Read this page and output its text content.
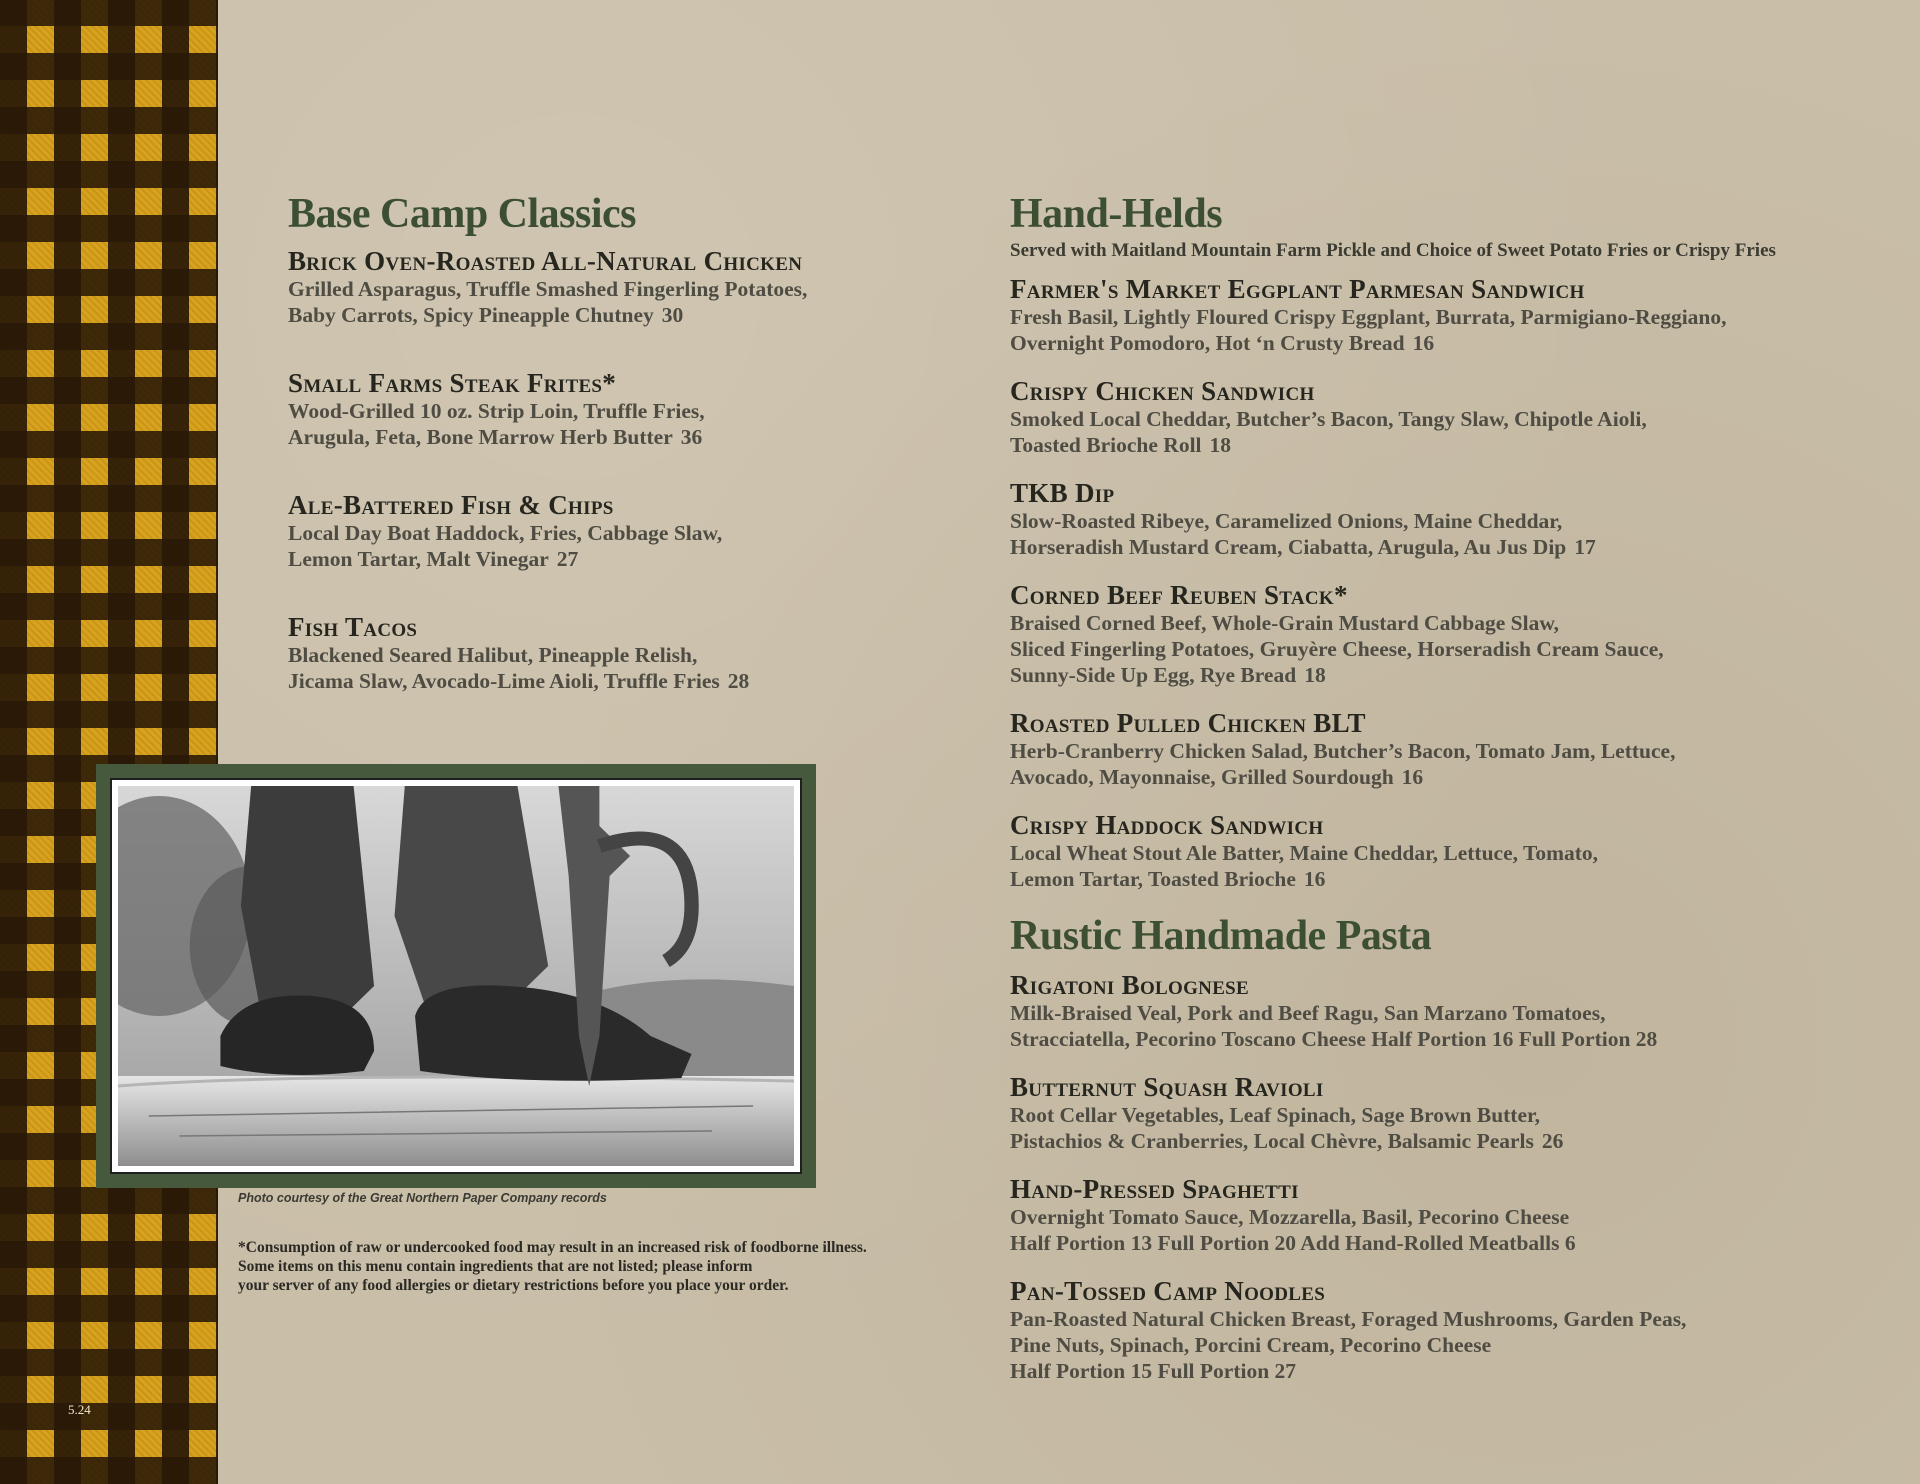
5.24
Base Camp Classics
Brick Oven-Roasted All-Natural Chicken
Grilled Asparagus, Truffle Smashed Fingerling Potatoes,
Baby Carrots, Spicy Pineapple Chutney 30
Small Farms Steak Frites*
Wood-Grilled 10 oz. Strip Loin, Truffle Fries,
Arugula, Feta, Bone Marrow Herb Butter 36
Ale-Battered Fish & Chips
Local Day Boat Haddock, Fries, Cabbage Slaw,
Lemon Tartar, Malt Vinegar 27
Fish Tacos
Blackened Seared Halibut, Pineapple Relish,
Jicama Slaw, Avocado-Lime Aioli, Truffle Fries 28
Photo courtesy of the Great Northern Paper Company records
*Consumption of raw or undercooked food may result in an increased risk of foodborne illness.
Some items on this menu contain ingredients that are not listed; please inform
your server of any food allergies or dietary restrictions before you place your order.
Hand-Helds
Served with Maitland Mountain Farm Pickle and Choice of Sweet Potato Fries or Crispy Fries
Farmer's Market Eggplant Parmesan Sandwich
Fresh Basil, Lightly Floured Crispy Eggplant, Burrata, Parmigiano-Reggiano,
Overnight Pomodoro, Hot ‘n Crusty Bread 16
Crispy Chicken Sandwich
Smoked Local Cheddar, Butcher’s Bacon, Tangy Slaw, Chipotle Aioli,
Toasted Brioche Roll 18
TKB Dip
Slow-Roasted Ribeye, Caramelized Onions, Maine Cheddar,
Horseradish Mustard Cream, Ciabatta, Arugula, Au Jus Dip 17
Corned Beef Reuben Stack*
Braised Corned Beef, Whole-Grain Mustard Cabbage Slaw,
Sliced Fingerling Potatoes, Gruyère Cheese, Horseradish Cream Sauce,
Sunny-Side Up Egg, Rye Bread 18
Roasted Pulled Chicken BLT
Herb-Cranberry Chicken Salad, Butcher’s Bacon, Tomato Jam, Lettuce,
Avocado, Mayonnaise, Grilled Sourdough 16
Crispy Haddock Sandwich
Local Wheat Stout Ale Batter, Maine Cheddar, Lettuce, Tomato,
Lemon Tartar, Toasted Brioche 16
Rustic Handmade Pasta
Rigatoni Bolognese
Milk-Braised Veal, Pork and Beef Ragu, San Marzano Tomatoes,
Stracciatella, Pecorino Toscano Cheese Half Portion 16 Full Portion 28
Butternut Squash Ravioli
Root Cellar Vegetables, Leaf Spinach, Sage Brown Butter,
Pistachios & Cranberries, Local Chèvre, Balsamic Pearls 26
Hand-Pressed Spaghetti
Overnight Tomato Sauce, Mozzarella, Basil, Pecorino Cheese
Half Portion 13 Full Portion 20 Add Hand-Rolled Meatballs 6
Pan-Tossed Camp Noodles
Pan-Roasted Natural Chicken Breast, Foraged Mushrooms, Garden Peas,
Pine Nuts, Spinach, Porcini Cream, Pecorino Cheese
Half Portion 15 Full Portion 27
